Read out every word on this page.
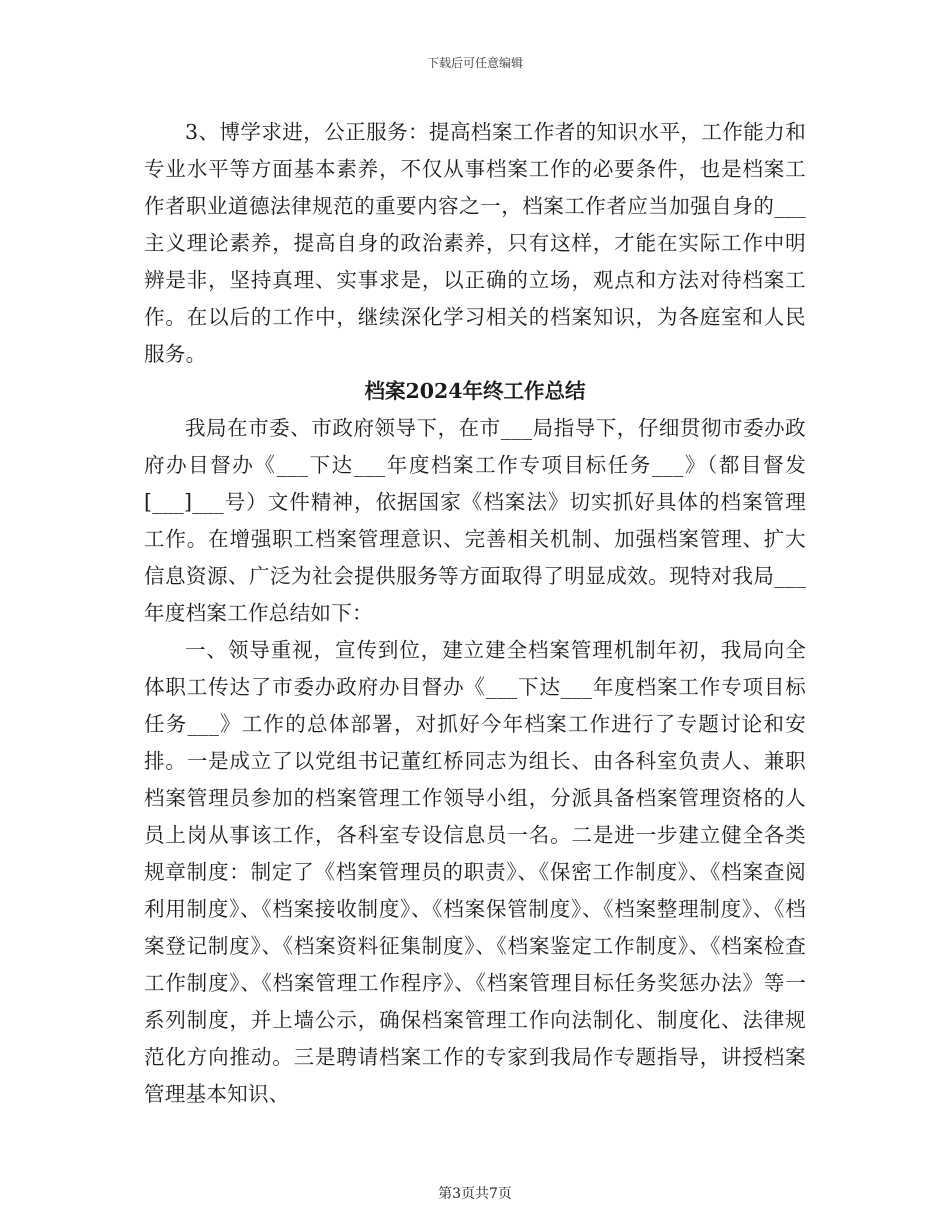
下载后可任意编辑

3、博学求进，公正服务：提高档案工作者的知识水平，工作能力和专业水平等方面基本素养，不仅从事档案工作的必要条件，也是档案工作者职业道德法律规范的重要内容之一，档案工作者应当加强自身的___主义理论素养，提高自身的政治素养，只有这样，才能在实际工作中明辨是非，坚持真理、实事求是，以正确的立场，观点和方法对待档案工作。在以后的工作中，继续深化学习相关的档案知识，为各庭室和人民服务。

档案2024年终工作总结

我局在市委、市政府领导下，在市___局指导下，仔细贯彻市委办政府办目督办《___下达___年度档案工作专项目标任务___》（都目督发[___]___号）文件精神，依据国家《档案法》切实抓好具体的档案管理工作。在增强职工档案管理意识、完善相关机制、加强档案管理、扩大信息资源、广泛为社会提供服务等方面取得了明显成效。现特对我局___年度档案工作总结如下：

一、领导重视，宣传到位，建立建全档案管理机制年初，我局向全体职工传达了市委办政府办目督办《___下达___年度档案工作专项目标任务___》工作的总体部署，对抓好今年档案工作进行了专题讨论和安排。一是成立了以党组书记董红桥同志为组长、由各科室负责人、兼职档案管理员参加的档案管理工作领导小组，分派具备档案管理资格的人员上岗从事该工作，各科室专设信息员一名。二是进一步建立健全各类规章制度：制定了《档案管理员的职责》、《保密工作制度》、《档案查阅利用制度》、《档案接收制度》、《档案保管制度》、《档案整理制度》、《档案登记制度》、《档案资料征集制度》、《档案鉴定工作制度》、《档案检查工作制度》、《档案管理工作程序》、《档案管理目标任务奖惩办法》等一系列制度，并上墙公示，确保档案管理工作向法制化、制度化、法律规范化方向推动。三是聘请档案工作的专家到我局作专题指导，讲授档案管理基本知识、

第3页共7页
